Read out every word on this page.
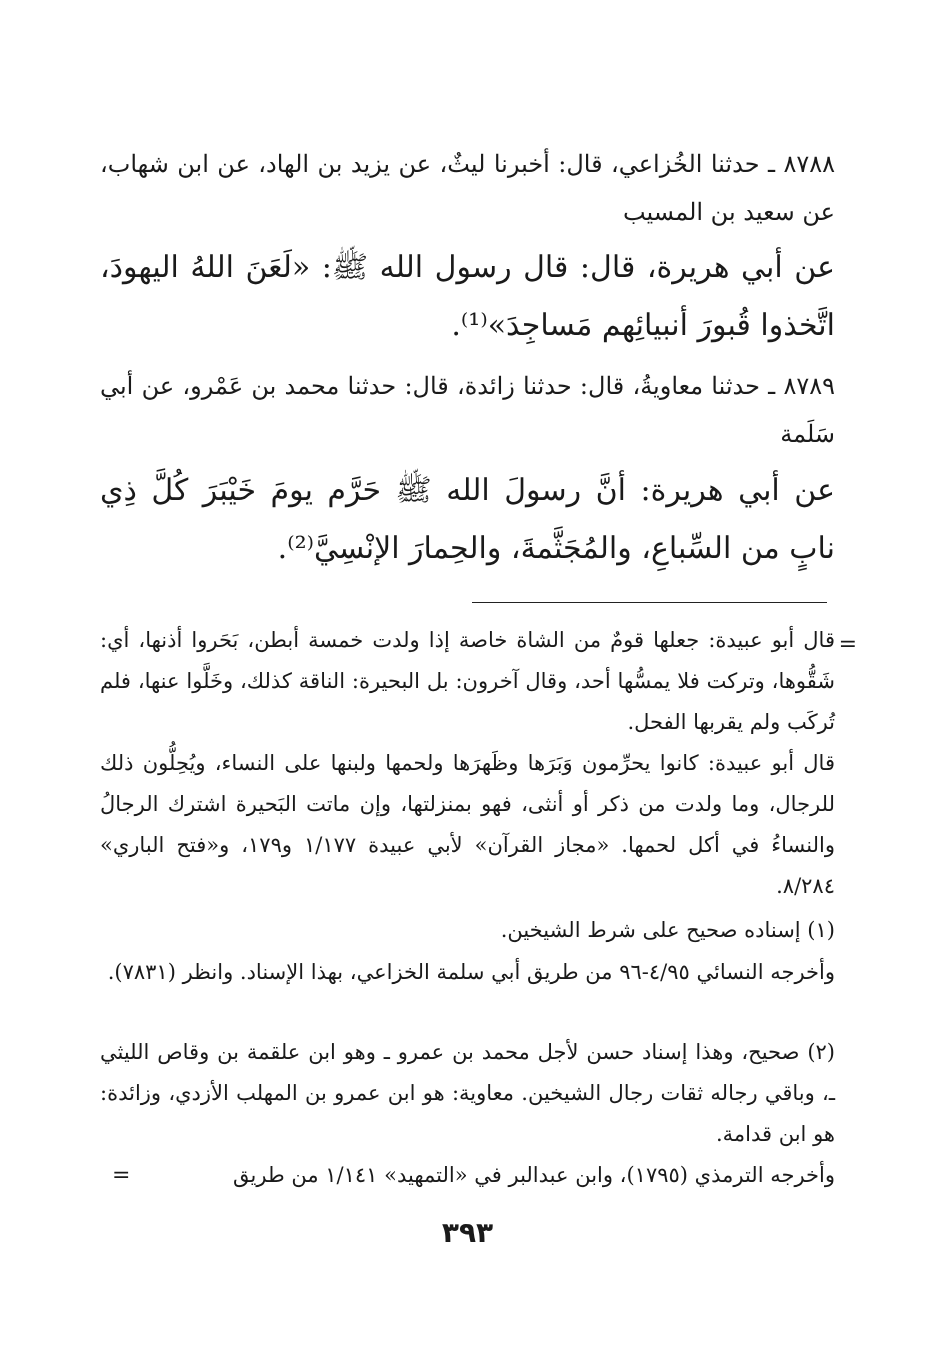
٨٧٨٨ ـ حدثنا الخُزاعي، قال: أخبرنا ليثٌ، عن يزيد بن الهاد، عن ابن شهاب، عن سعيد بن المسيب
عن أبي هريرة، قال: قال رسول الله ﷺ: «لَعَنَ اللهُ اليهودَ، اتَّخذوا قُبورَ أنبيائِهم مَساجِدَ»⁽¹⁾.
٨٧٨٩ ـ حدثنا معاويةُ، قال: حدثنا زائدة، قال: حدثنا محمد بن عَمْرو، عن أبي سَلَمة
عن أبي هريرة: أنَّ رسولَ الله ﷺ حَرَّم يومَ خَيْبَرَ كُلَّ ذِي نابٍ من السِّباعِ، والمُجَثَّمةَ، والحِمارَ الإنْسِيَّ⁽²⁾.
=
قال أبو عبيدة: جعلها قومٌ من الشاة خاصة إذا ولدت خمسة أبطن، بَحَروا أذنها، أي: شَقُّوها، وتركت فلا يمسُّها أحد، وقال آخرون: بل البحيرة: الناقة كذلك، وخَلَّوا عنها، فلم تُركَب ولم يقربها الفحل.
قال أبو عبيدة: كانوا يحرِّمون وَبَرَها وظَهرَها ولحمها ولبنها على النساء، ويُحِلُّون ذلك للرجال، وما ولدت من ذكر أو أنثى، فهو بمنزلتها، وإن ماتت البَحيرة اشترك الرجالُ والنساءُ في أكل لحمها. «مجاز القرآن» لأبي عبيدة ١/١٧٧ و١٧٩، و«فتح الباري» ٨/٢٨٤.
(١) إسناده صحيح على شرط الشيخين.
وأخرجه النسائي ٤/٩٥-٩٦ من طريق أبي سلمة الخزاعي، بهذا الإسناد. وانظر (٧٨٣١).
(٢) صحيح، وهذا إسناد حسن لأجل محمد بن عمرو ـ وهو ابن علقمة بن وقاص الليثي ـ، وباقي رجاله ثقات رجال الشيخين. معاوية: هو ابن عمرو بن المهلب الأزدي، وزائدة: هو ابن قدامة.
وأخرجه الترمذي (١٧٩٥)، وابن عبدالبر في «التمهيد» ١/١٤١ من طريق
=
٣٩٣
